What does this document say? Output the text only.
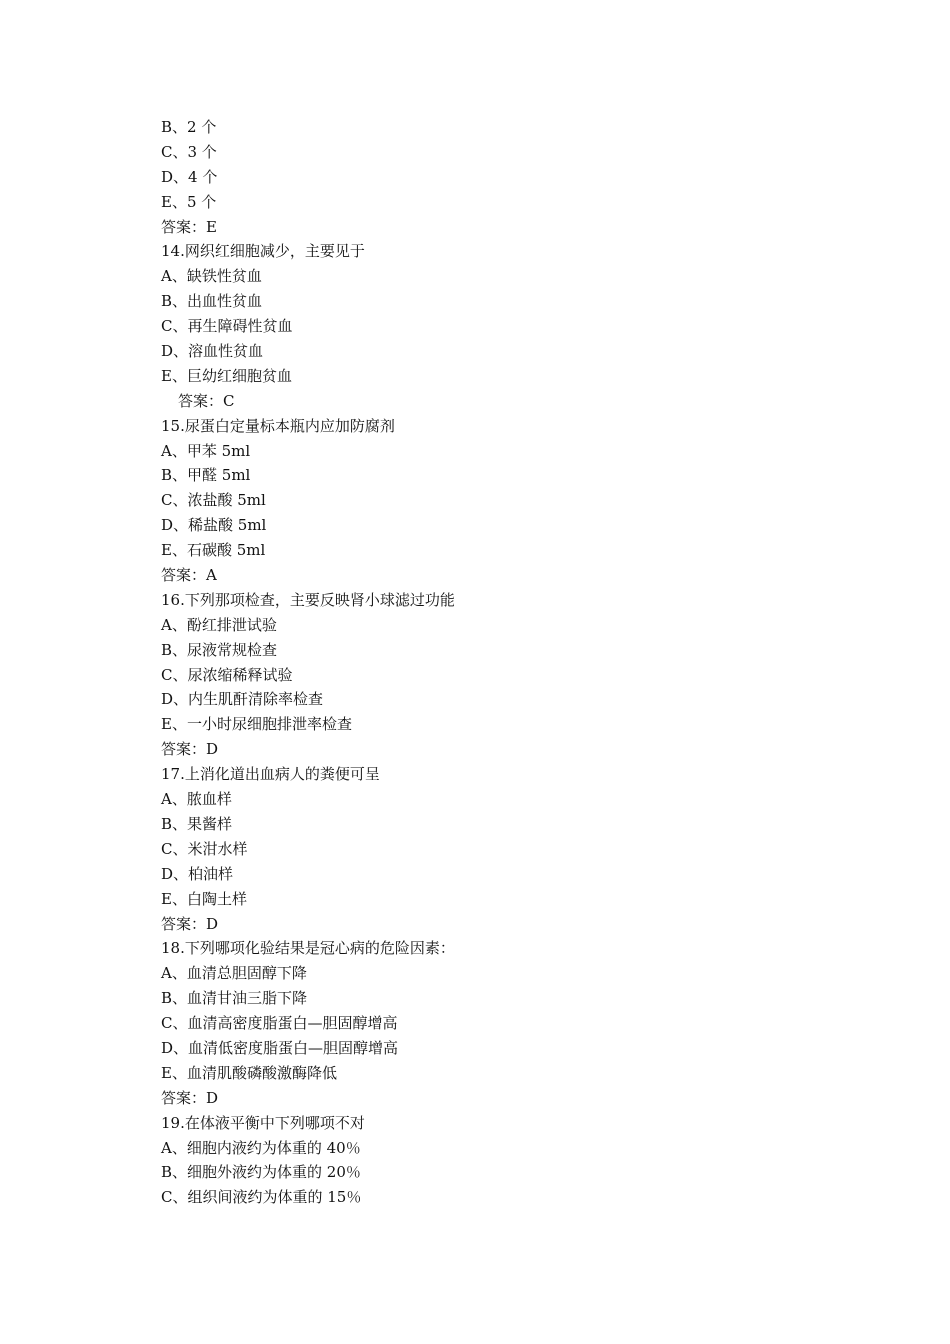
B、2 个
C、3 个
D、4 个
E、5 个
答案：E
14.网织红细胞减少，主要见于
A、缺铁性贫血
B、出血性贫血
C、再生障碍性贫血
D、溶血性贫血
E、巨幼红细胞贫血
答案：C
15.尿蛋白定量标本瓶内应加防腐剂
A、甲苯 5ml
B、甲醛 5ml
C、浓盐酸 5ml
D、稀盐酸 5ml
E、石碳酸 5ml
答案：A
16.下列那项检查，主要反映肾小球滤过功能
A、酚红排泄试验
B、尿液常规检查
C、尿浓缩稀释试验
D、内生肌酐清除率检查
E、一小时尿细胞排泄率检查
答案：D
17.上消化道出血病人的粪便可呈
A、脓血样
B、果酱样
C、米泔水样
D、柏油样
E、白陶土样
答案：D
18.下列哪项化验结果是冠心病的危险因素：
A、血清总胆固醇下降
B、血清甘油三脂下降
C、血清高密度脂蛋白—胆固醇增高
D、血清低密度脂蛋白—胆固醇增高
E、血清肌酸磷酸激酶降低
答案：D
19.在体液平衡中下列哪项不对
A、细胞内液约为体重的 40％
B、细胞外液约为体重的 20％
C、组织间液约为体重的 15％
